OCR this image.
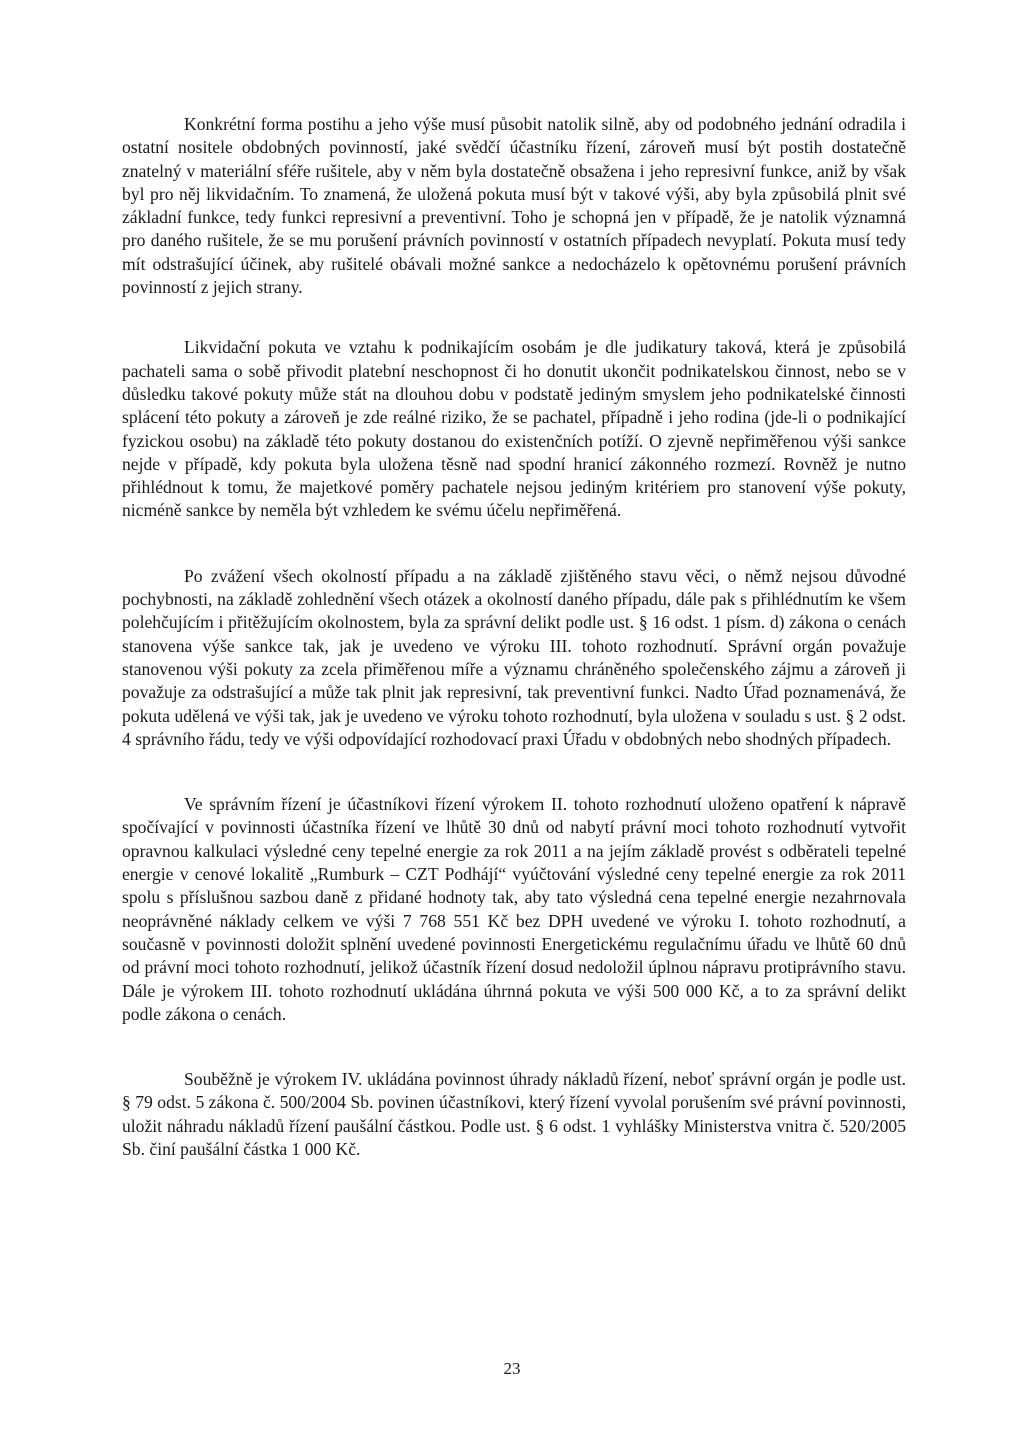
Konkrétní forma postihu a jeho výše musí působit natolik silně, aby od podobného jednání odradila i ostatní nositele obdobných povinností, jaké svědčí účastníku řízení, zároveň musí být postih dostatečně znatelný v materiální sféře rušitele, aby v něm byla dostatečně obsažena i jeho represivní funkce, aniž by však byl pro něj likvidačním. To znamená, že uložená pokuta musí být v takové výši, aby byla způsobilá plnit své základní funkce, tedy funkci represivní a preventivní. Toho je schopná jen v případě, že je natolik významná pro daného rušitele, že se mu porušení právních povinností v ostatních případech nevyplatí. Pokuta musí tedy mít odstrašující účinek, aby rušitelé obávali možné sankce a nedocházelo k opětovnému porušení právních povinností z jejich strany.

Likvidační pokuta ve vztahu k podnikajícím osobám je dle judikatury taková, která je způsobilá pachateli sama o sobě přivodit platební neschopnost či ho donutit ukončit podnikatelskou činnost, nebo se v důsledku takové pokuty může stát na dlouhou dobu v podstatě jediným smyslem jeho podnikatelské činnosti splácení této pokuty a zároveň je zde reálné riziko, že se pachatel, případně i jeho rodina (jde-li o podnikající fyzickou osobu) na základě této pokuty dostanou do existenčních potíží. O zjevně nepřiměřenou výši sankce nejde v případě, kdy pokuta byla uložena těsně nad spodní hranicí zákonného rozmezí. Rovněž je nutno přihlédnout k tomu, že majetkové poměry pachatele nejsou jediným kritériem pro stanovení výše pokuty, nicméně sankce by neměla být vzhledem ke svému účelu nepřiměřená.

Po zvážení všech okolností případu a na základě zjištěného stavu věci, o němž nejsou důvodné pochybnosti, na základě zohlednění všech otázek a okolností daného případu, dále pak s přihlédnutím ke všem polehčujícím i přitěžujícím okolnostem, byla za správní delikt podle ust. § 16 odst. 1 písm. d) zákona o cenách stanovena výše sankce tak, jak je uvedeno ve výroku III. tohoto rozhodnutí. Správní orgán považuje stanovenou výši pokuty za zcela přiměřenou míře a významu chráněného společenského zájmu a zároveň ji považuje za odstrašující a může tak plnit jak represivní, tak preventivní funkci. Nadto Úřad poznamenává, že pokuta udělená ve výši tak, jak je uvedeno ve výroku tohoto rozhodnutí, byla uložena v souladu s ust. § 2 odst. 4 správního řádu, tedy ve výši odpovídající rozhodovací praxi Úřadu v obdobných nebo shodných případech.

Ve správním řízení je účastníkovi řízení výrokem II. tohoto rozhodnutí uloženo opatření k nápravě spočívající v povinnosti účastníka řízení ve lhůtě 30 dnů od nabytí právní moci tohoto rozhodnutí vytvořit opravnou kalkulaci výsledné ceny tepelné energie za rok 2011 a na jejím základě provést s odběrateli tepelné energie v cenové lokalitě „Rumburk – CZT Podhájí“ vyúčtování výsledné ceny tepelné energie za rok 2011 spolu s příslušnou sazbou daně z přidané hodnoty tak, aby tato výsledná cena tepelné energie nezahrnovala neoprávněné náklady celkem ve výši 7 768 551 Kč bez DPH uvedené ve výroku I. tohoto rozhodnutí, a současně v povinnosti doložit splnění uvedené povinnosti Energetickému regulačnímu úřadu ve lhůtě 60 dnů od právní moci tohoto rozhodnutí, jelikož účastník řízení dosud nedoložil úplnou nápravu protiprávního stavu. Dále je výrokem III. tohoto rozhodnutí ukládána úhrnná pokuta ve výši 500 000 Kč, a to za správní delikt podle zákona o cenách.

Souběžně je výrokem IV. ukládána povinnost úhrady nákladů řízení, neboť správní orgán je podle ust. § 79 odst. 5 zákona č. 500/2004 Sb. povinen účastníkovi, který řízení vyvolal porušením své právní povinnosti, uložit náhradu nákladů řízení paušální částkou. Podle ust. § 6 odst. 1 vyhlášky Ministerstva vnitra č. 520/2005 Sb. činí paušální částka 1 000 Kč.

23
